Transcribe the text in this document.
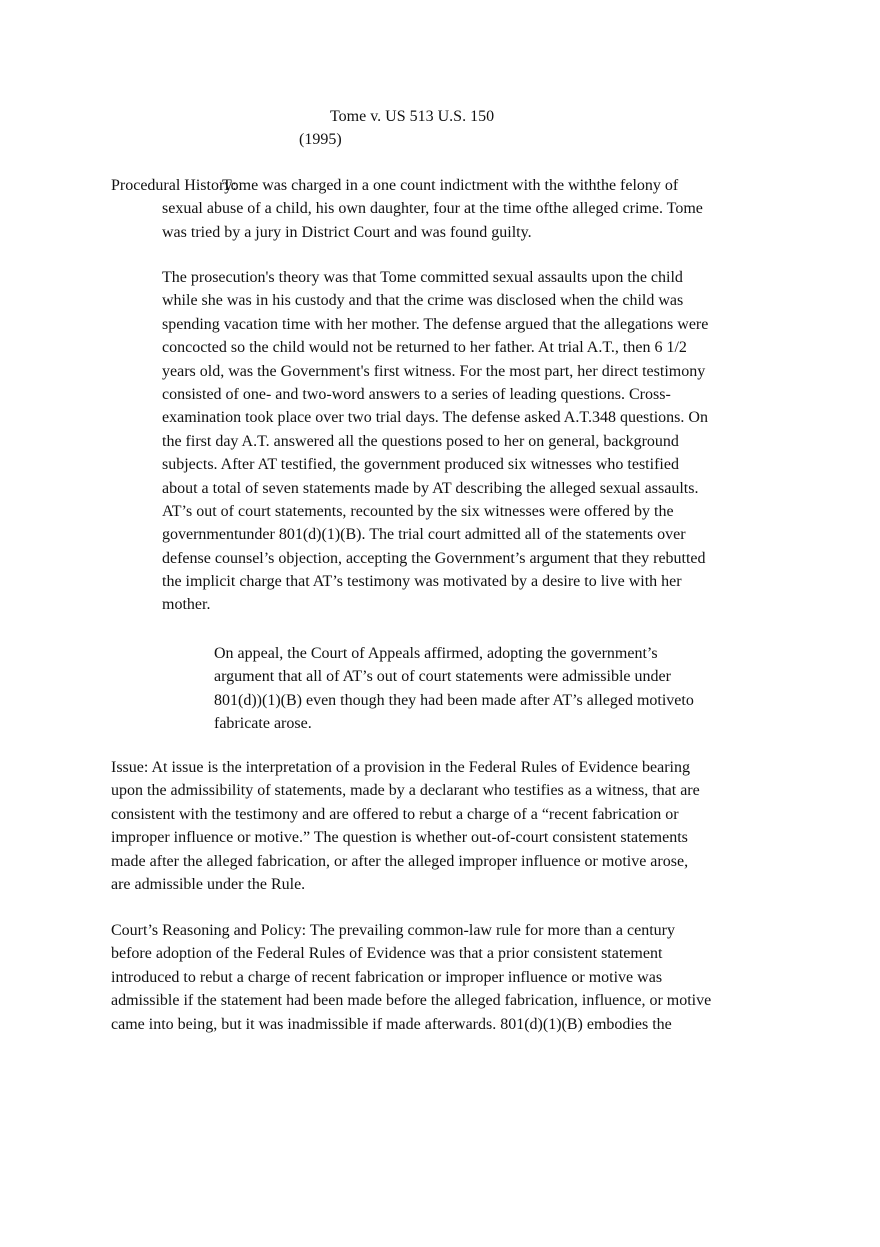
Tome v. US 513 U.S. 150
(1995)
Procedural History:Tome was charged in a one count indictment with the withthe felony of
sexual abuse of a child, his own daughter, four at the time ofthe alleged crime. Tome
was tried by a jury in District Court and was found guilty.
The prosecution's theory was that Tome committed sexual assaults upon the child
while she was in his custody and that the crime was disclosed when the child was
spending vacation time with her mother. The defense argued that the allegations were
concocted so the child would not be returned to her father. At trial A.T., then 6 1/2
years old, was the Government's first witness. For the most part, her direct testimony
consisted of one- and two-word answers to a series of leading questions. Cross-
examination took place over two trial days. The defense asked A.T.348 questions. On
the first day A.T. answered all the questions posed to her on general, background
subjects. After AT testified, the government produced six witnesses who testified
about a total of seven statements made by AT describing the alleged sexual assaults.
AT’s out of court statements, recounted by the six witnesses were offered by the
governmentunder 801(d)(1)(B). The trial court admitted all of the statements over
defense counsel’s objection, accepting the Government’s argument that they rebutted
the implicit charge that AT’s testimony was motivated by a desire to live with her
mother.
On appeal, the Court of Appeals affirmed, adopting the government’s
argument that all of AT’s out of court statements were admissible under
801(d))(1)(B) even though they had been made after AT’s alleged motiveto
fabricate arose.
Issue: At issue is the interpretation of a provision in the Federal Rules of Evidence bearing
upon the admissibility of statements, made by a declarant who testifies as a witness, that are
consistent with the testimony and are offered to rebut a charge of a “recent fabrication or
improper influence or motive.” The question is whether out-of-court consistent statements
made after the alleged fabrication, or after the alleged improper influence or motive arose,
are admissible under the Rule.
Court’s Reasoning and Policy: The prevailing common-law rule for more than a century
before adoption of the Federal Rules of Evidence was that a prior consistent statement
introduced to rebut a charge of recent fabrication or improper influence or motive was
admissible if the statement had been made before the alleged fabrication, influence, or motive
came into being, but it was inadmissible if made afterwards. 801(d)(1)(B) embodies the
